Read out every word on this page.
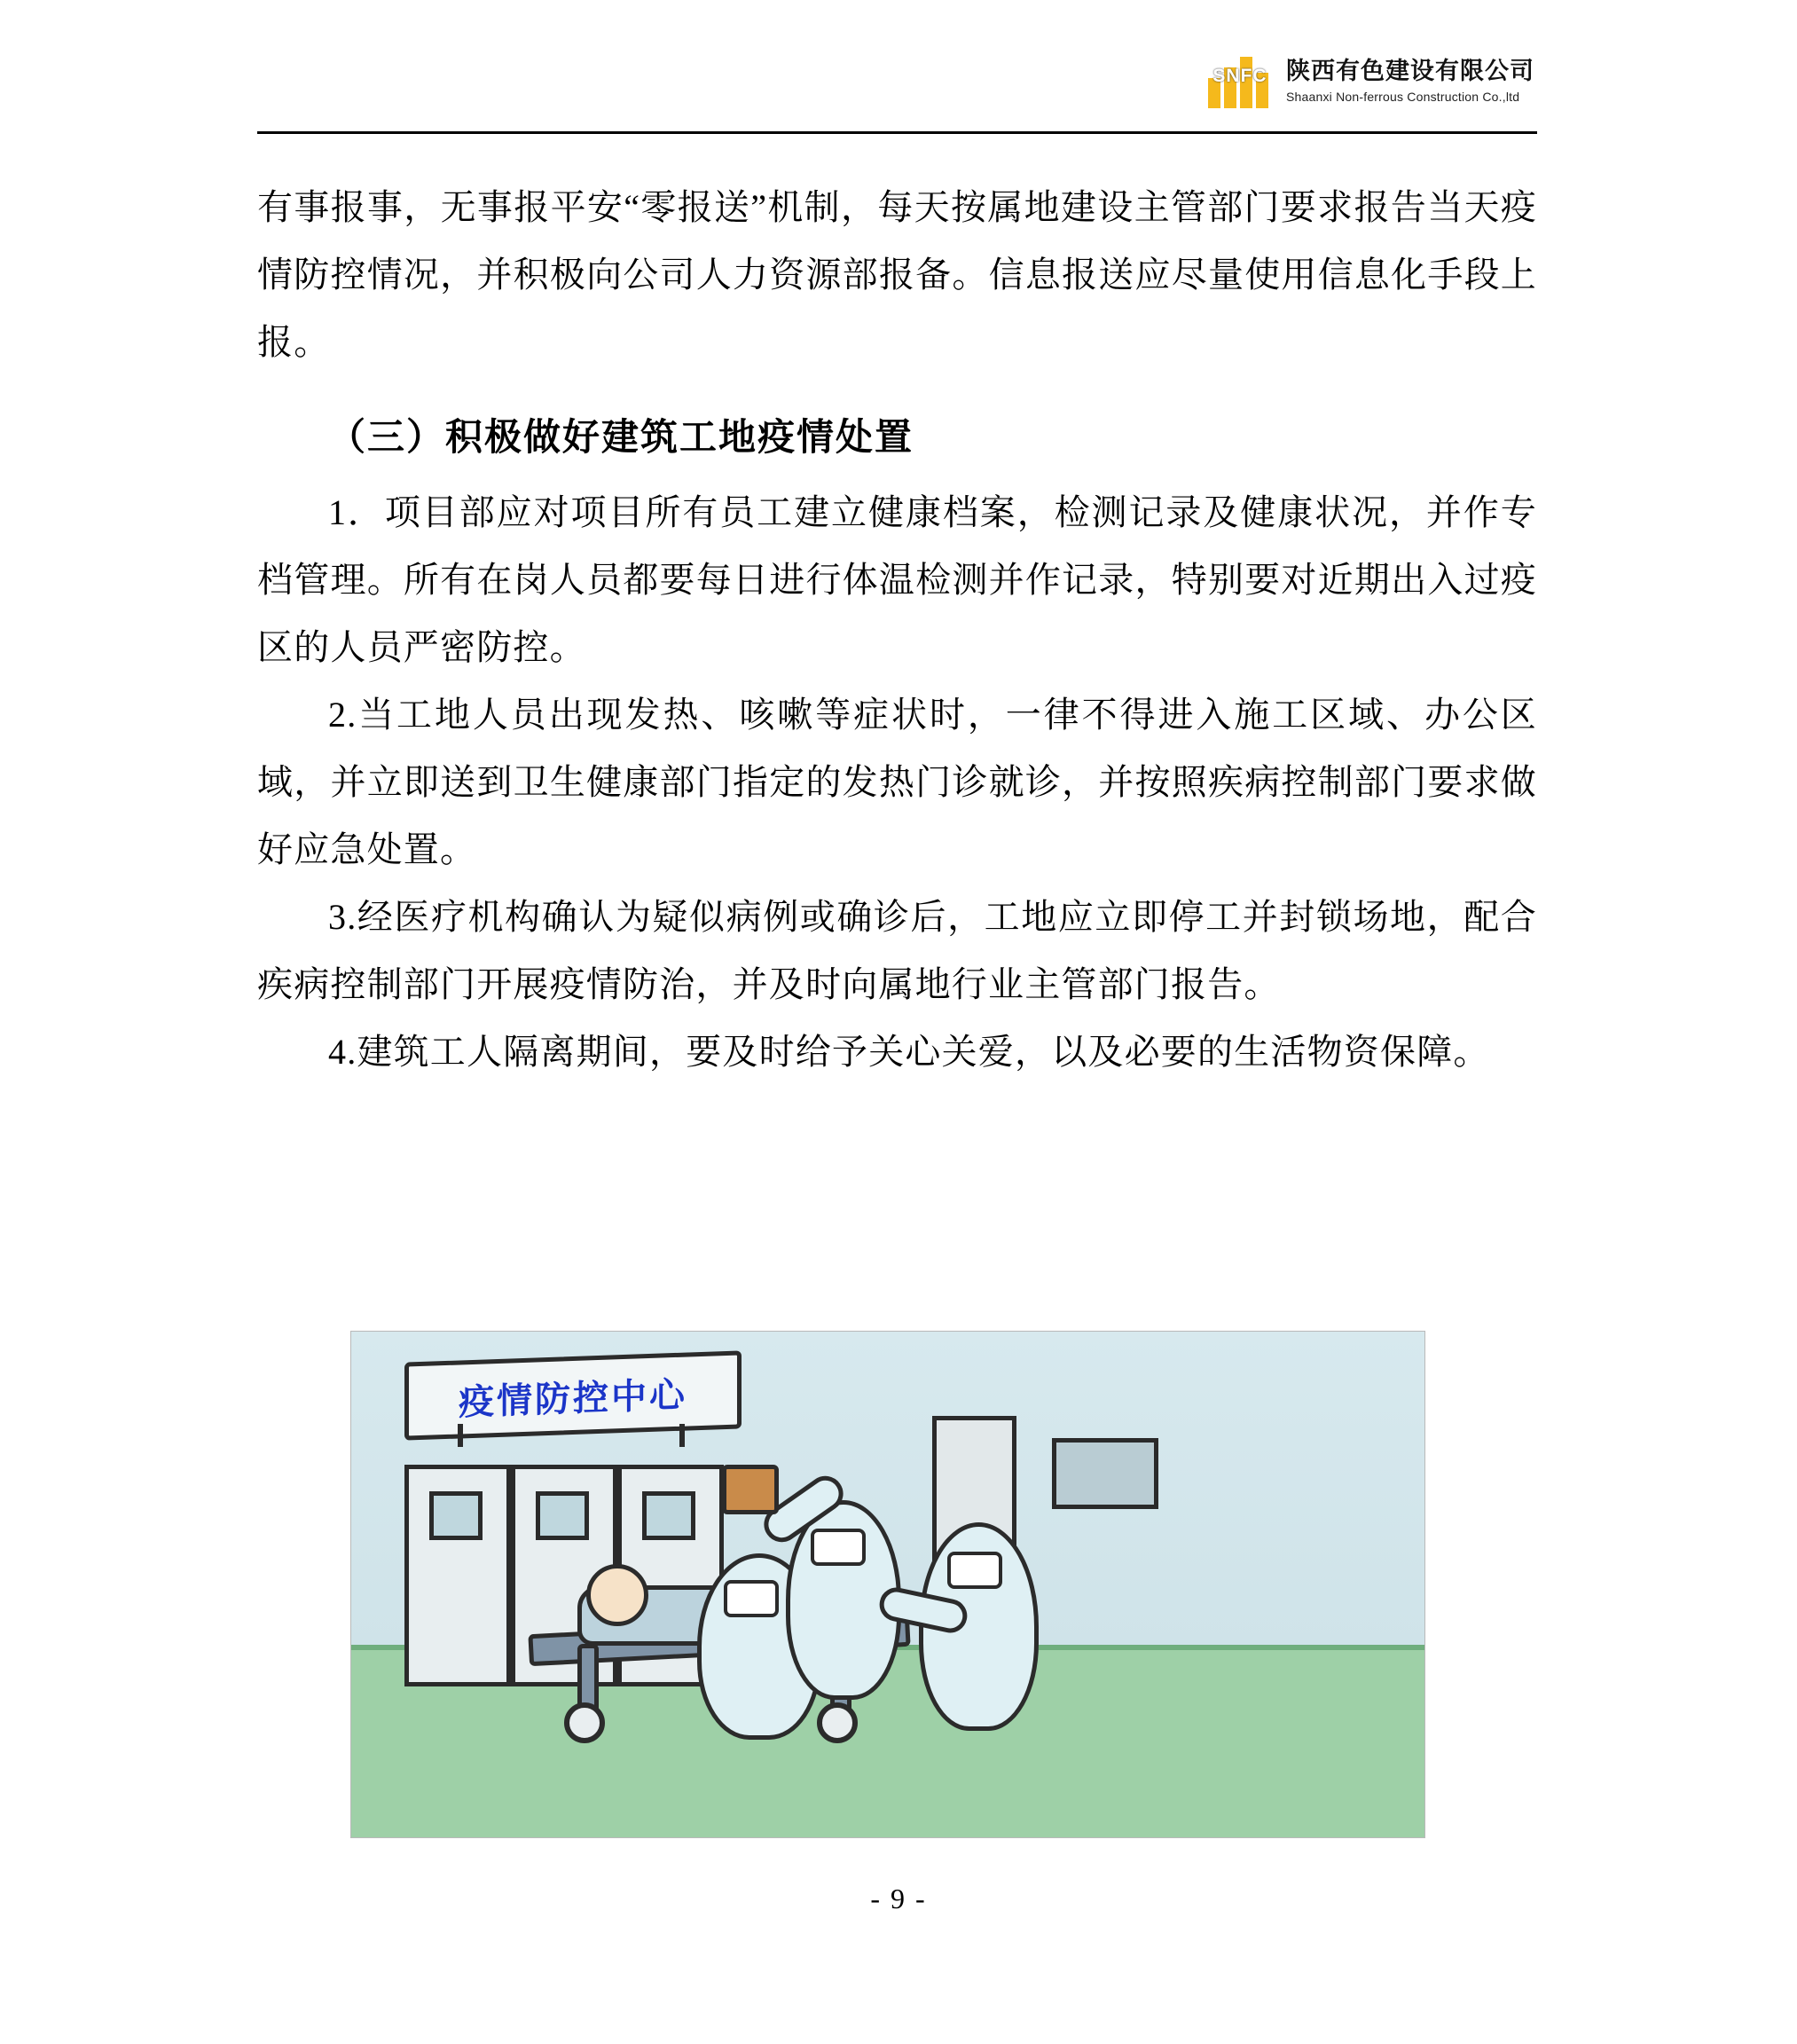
SNFC 陕西有色建设有限公司
Shaanxi Non-ferrous Construction Co.,ltd

有事报事，无事报平安“零报送”机制，每天按属地建设主管部门要求报告当天疫情防控情况，并积极向公司人力资源部报备。信息报送应尽量使用信息化手段上报。

（三）积极做好建筑工地疫情处置

1．项目部应对项目所有员工建立健康档案，检测记录及健康状况，并作专档管理。所有在岗人员都要每日进行体温检测并作记录，特别要对近期出入过疫区的人员严密防控。

2.当工地人员出现发热、咳嗽等症状时，一律不得进入施工区域、办公区域，并立即送到卫生健康部门指定的发热门诊就诊，并按照疾病控制部门要求做好应急处置。

3.经医疗机构确认为疑似病例或确诊后，工地应立即停工并封锁场地，配合疾病控制部门开展疫情防治，并及时向属地行业主管部门报告。

4.建筑工人隔离期间，要及时给予关心关爱，以及必要的生活物资保障。

疫情防控中心
- 9 -
